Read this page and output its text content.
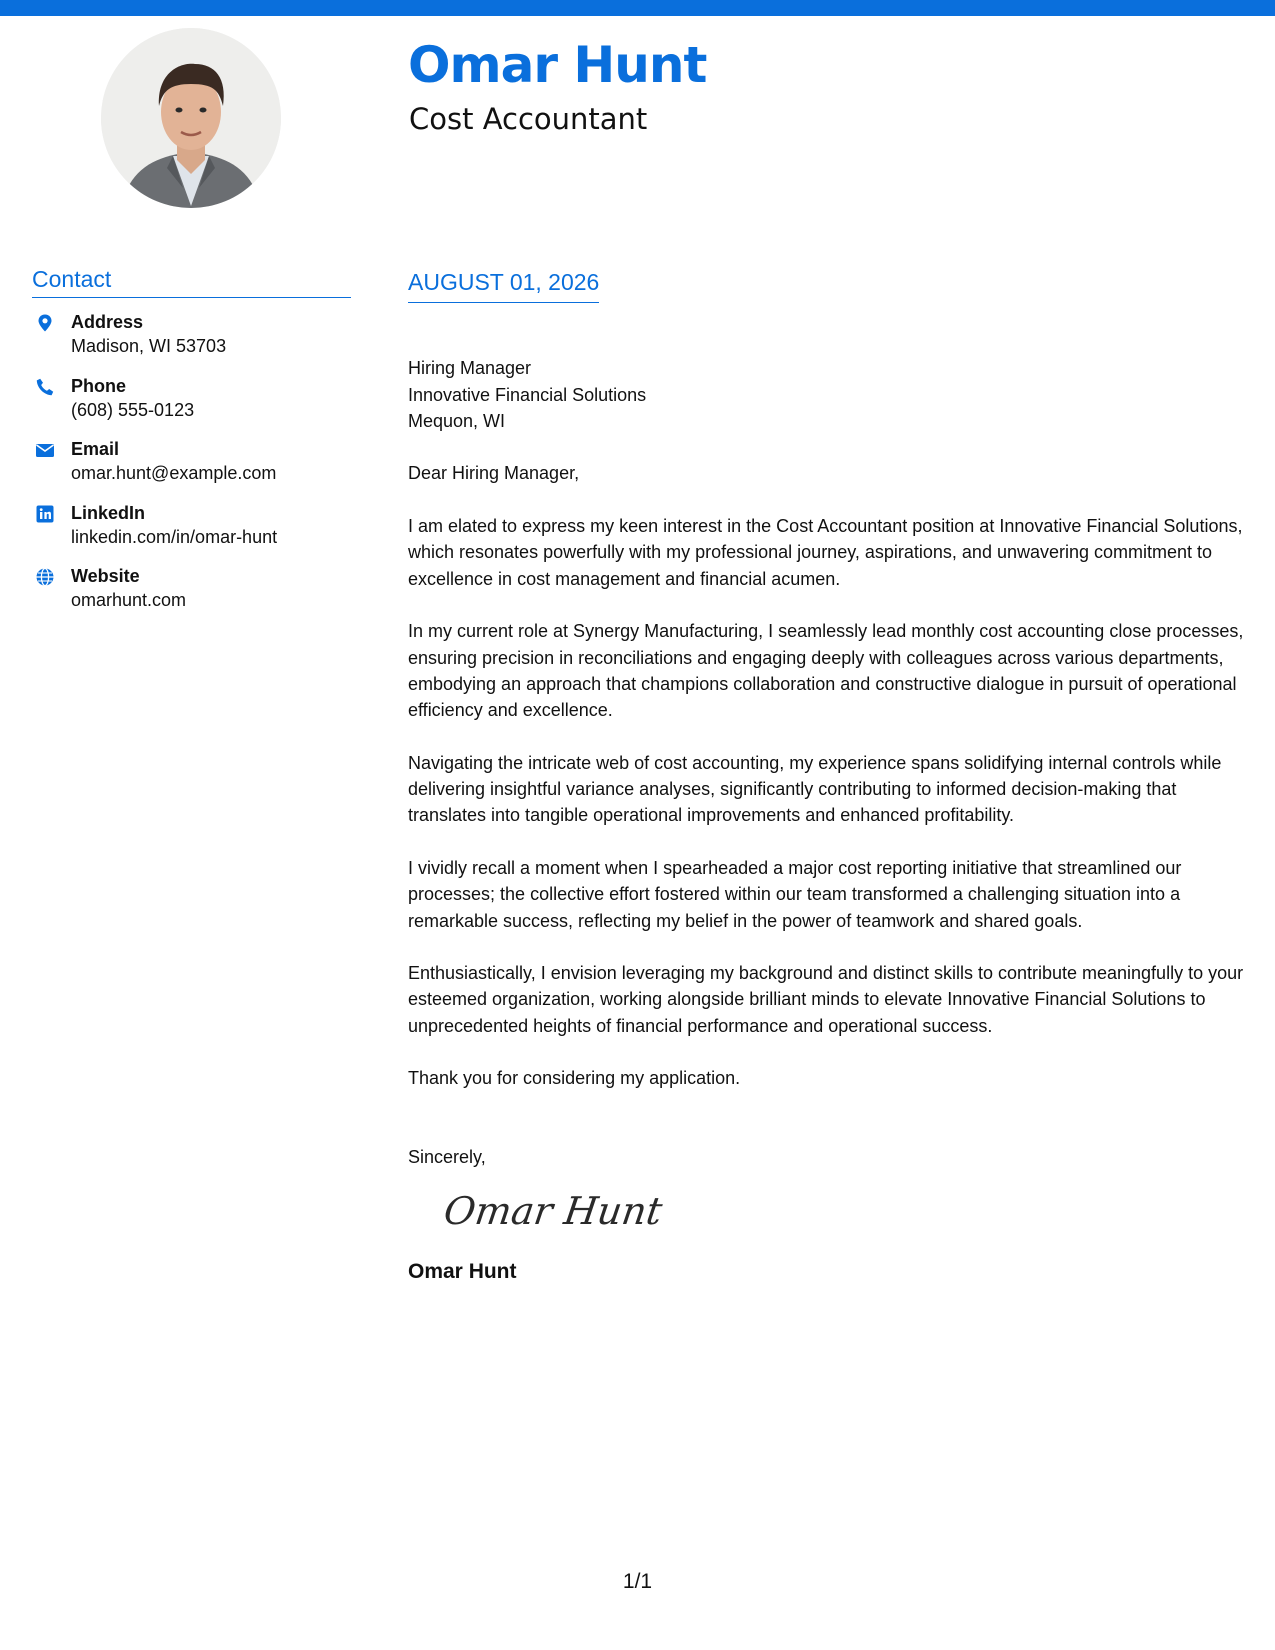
Omar Hunt
Cost Accountant
Contact
Address
Madison, WI 53703
Phone
(608) 555-0123
Email
omar.hunt@example.com
LinkedIn
linkedin.com/in/omar-hunt
Website
omarhunt.com
AUGUST 01, 2026

Hiring Manager
Innovative Financial Solutions
Mequon, WI

Dear Hiring Manager,

I am elated to express my keen interest in the Cost Accountant position at Innovative Financial Solutions, which resonates powerfully with my professional journey, aspirations, and unwavering commitment to excellence in cost management and financial acumen.

In my current role at Synergy Manufacturing, I seamlessly lead monthly cost accounting close processes, ensuring precision in reconciliations and engaging deeply with colleagues across various departments, embodying an approach that champions collaboration and constructive dialogue in pursuit of operational efficiency and excellence.

Navigating the intricate web of cost accounting, my experience spans solidifying internal controls while delivering insightful variance analyses, significantly contributing to informed decision-making that translates into tangible operational improvements and enhanced profitability.

I vividly recall a moment when I spearheaded a major cost reporting initiative that streamlined our processes; the collective effort fostered within our team transformed a challenging situation into a remarkable success, reflecting my belief in the power of teamwork and shared goals.

Enthusiastically, I envision leveraging my background and distinct skills to contribute meaningfully to your esteemed organization, working alongside brilliant minds to elevate Innovative Financial Solutions to unprecedented heights of financial performance and operational success.

Thank you for considering my application.

Sincerely,

Omar Hunt
Omar Hunt
1/1
